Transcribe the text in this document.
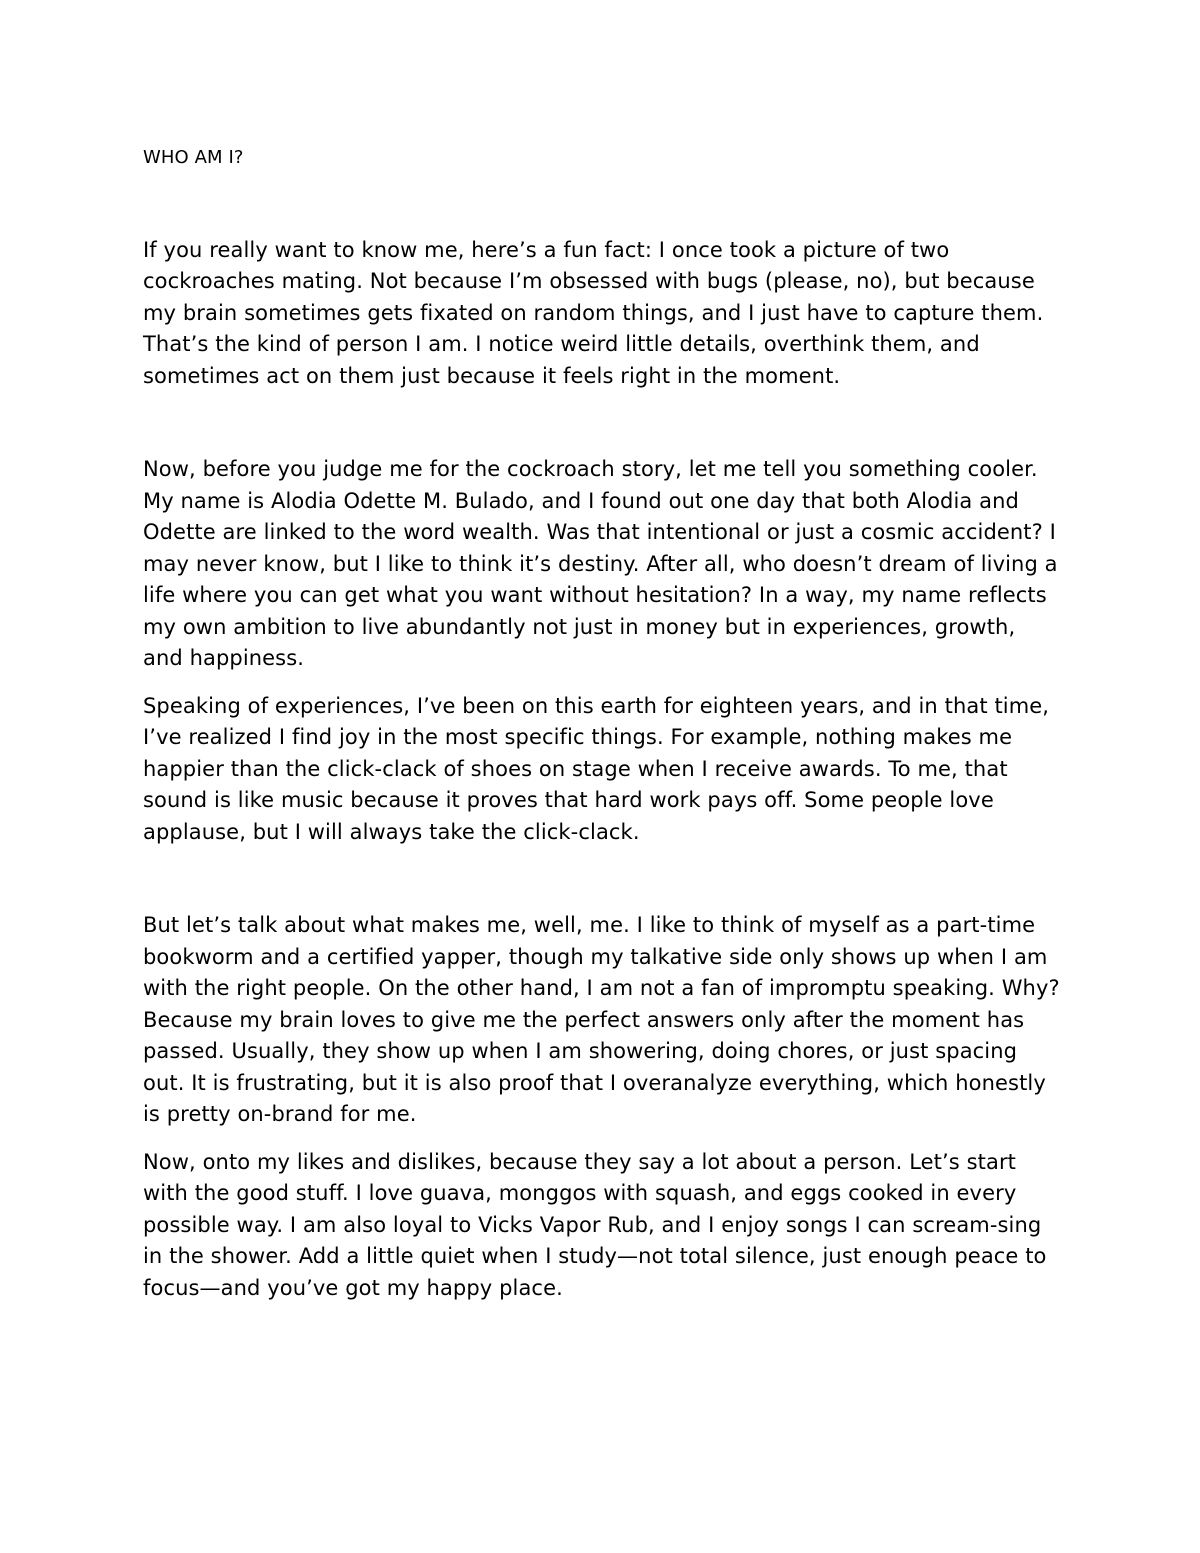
WHO AM I?

If you really want to know me, here’s a fun fact: I once took a picture of two cockroaches mating. Not because I’m obsessed with bugs (please, no), but because my brain sometimes gets fixated on random things, and I just have to capture them. That’s the kind of person I am. I notice weird little details, overthink them, and sometimes act on them just because it feels right in the moment.

Now, before you judge me for the cockroach story, let me tell you something cooler. My name is Alodia Odette M. Bulado, and I found out one day that both Alodia and Odette are linked to the word wealth. Was that intentional or just a cosmic accident? I may never know, but I like to think it’s destiny. After all, who doesn’t dream of living a life where you can get what you want without hesitation? In a way, my name reflects my own ambition to live abundantly not just in money but in experiences, growth, and happiness.

Speaking of experiences, I’ve been on this earth for eighteen years, and in that time, I’ve realized I find joy in the most specific things. For example, nothing makes me happier than the click-clack of shoes on stage when I receive awards. To me, that sound is like music because it proves that hard work pays off. Some people love applause, but I will always take the click-clack.

But let’s talk about what makes me, well, me. I like to think of myself as a part-time bookworm and a certified yapper, though my talkative side only shows up when I am with the right people. On the other hand, I am not a fan of impromptu speaking. Why? Because my brain loves to give me the perfect answers only after the moment has passed. Usually, they show up when I am showering, doing chores, or just spacing out. It is frustrating, but it is also proof that I overanalyze everything, which honestly is pretty on-brand for me.

Now, onto my likes and dislikes, because they say a lot about a person. Let’s start with the good stuff. I love guava, monggos with squash, and eggs cooked in every possible way. I am also loyal to Vicks Vapor Rub, and I enjoy songs I can scream-sing in the shower. Add a little quiet when I study—not total silence, just enough peace to focus—and you’ve got my happy place.
